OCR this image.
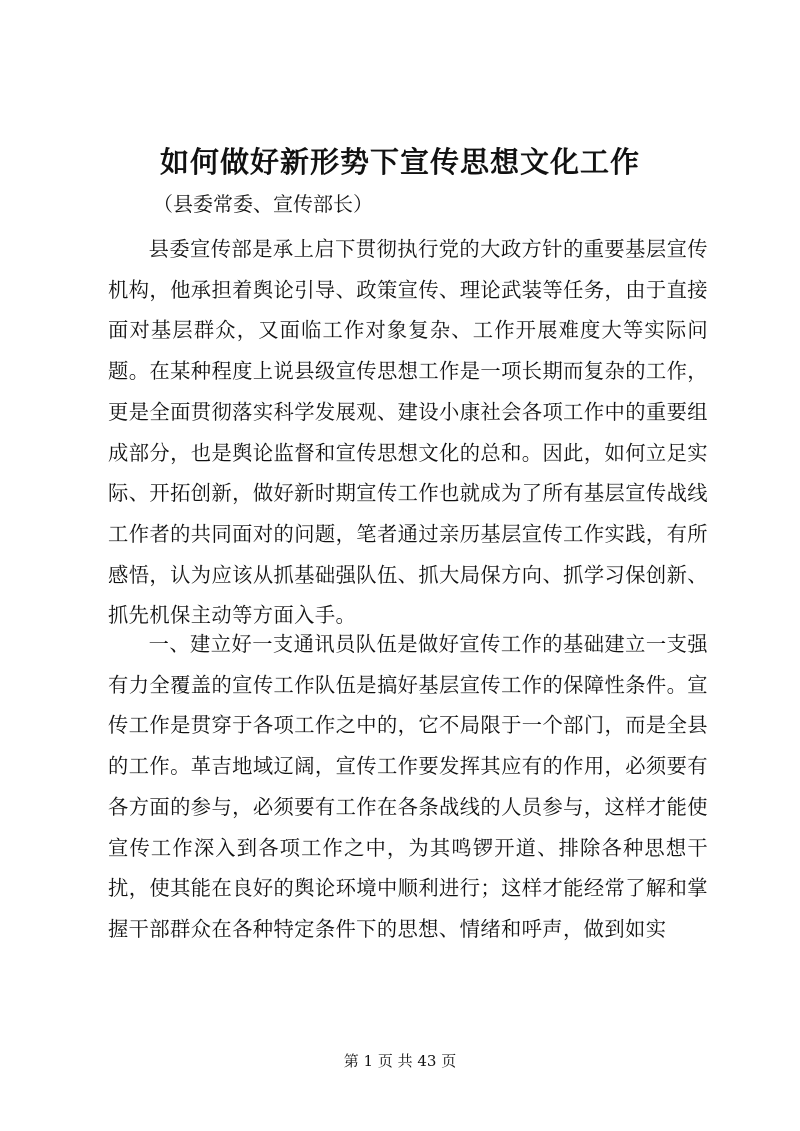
如何做好新形势下宣传思想文化工作

（县委常委、宣传部长）

县委宣传部是承上启下贯彻执行党的大政方针的重要基层宣传机构，他承担着舆论引导、政策宣传、理论武装等任务，由于直接面对基层群众，又面临工作对象复杂、工作开展难度大等实际问题。在某种程度上说县级宣传思想工作是一项长期而复杂的工作，更是全面贯彻落实科学发展观、建设小康社会各项工作中的重要组成部分，也是舆论监督和宣传思想文化的总和。因此，如何立足实际、开拓创新，做好新时期宣传工作也就成为了所有基层宣传战线工作者的共同面对的问题，笔者通过亲历基层宣传工作实践，有所感悟，认为应该从抓基础强队伍、抓大局保方向、抓学习保创新、抓先机保主动等方面入手。

一、建立好一支通讯员队伍是做好宣传工作的基础建立一支强有力全覆盖的宣传工作队伍是搞好基层宣传工作的保障性条件。宣传工作是贯穿于各项工作之中的，它不局限于一个部门，而是全县的工作。革吉地域辽阔，宣传工作要发挥其应有的作用，必须要有各方面的参与，必须要有工作在各条战线的人员参与，这样才能使宣传工作深入到各项工作之中，为其鸣锣开道、排除各种思想干扰，使其能在良好的舆论环境中顺利进行；这样才能经常了解和掌握干部群众在各种特定条件下的思想、情绪和呼声，做到如实

第 1 页 共 43 页
